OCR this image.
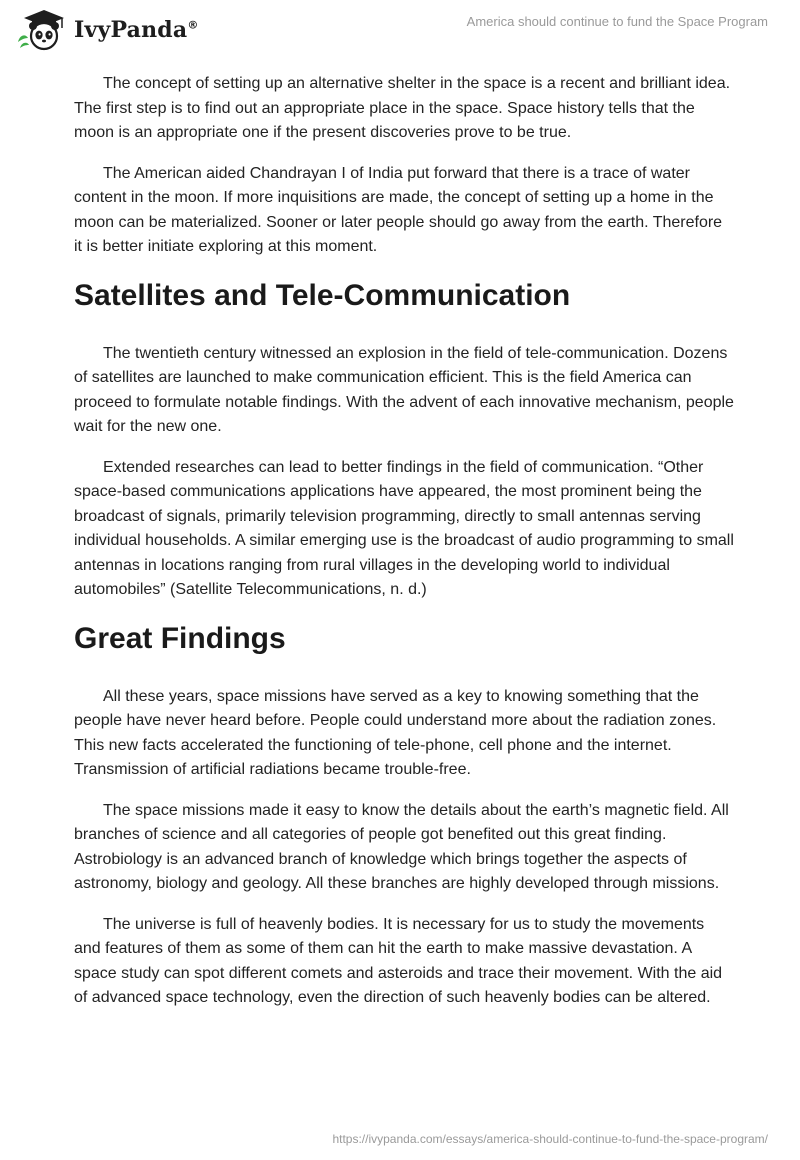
IvyPanda®	America should continue to fund the Space Program

The concept of setting up an alternative shelter in the space is a recent and brilliant idea. The first step is to find out an appropriate place in the space. Space history tells that the moon is an appropriate one if the present discoveries prove to be true.

The American aided Chandrayan I of India put forward that there is a trace of water content in the moon. If more inquisitions are made, the concept of setting up a home in the moon can be materialized. Sooner or later people should go away from the earth. Therefore it is better initiate exploring at this moment.

Satellites and Tele-Communication

The twentieth century witnessed an explosion in the field of tele-communication. Dozens of satellites are launched to make communication efficient. This is the field America can proceed to formulate notable findings. With the advent of each innovative mechanism, people wait for the new one.

Extended researches can lead to better findings in the field of communication. “Other space-based communications applications have appeared, the most prominent being the broadcast of signals, primarily television programming, directly to small antennas serving individual households. A similar emerging use is the broadcast of audio programming to small antennas in locations ranging from rural villages in the developing world to individual automobiles” (Satellite Telecommunications, n. d.)

Great Findings

All these years, space missions have served as a key to knowing something that the people have never heard before. People could understand more about the radiation zones. This new facts accelerated the functioning of tele-phone, cell phone and the internet. Transmission of artificial radiations became trouble-free.

The space missions made it easy to know the details about the earth’s magnetic field. All branches of science and all categories of people got benefited out this great finding. Astrobiology is an advanced branch of knowledge which brings together the aspects of astronomy, biology and geology. All these branches are highly developed through missions.

The universe is full of heavenly bodies. It is necessary for us to study the movements and features of them as some of them can hit the earth to make massive devastation. A space study can spot different comets and asteroids and trace their movement. With the aid of advanced space technology, even the direction of such heavenly bodies can be altered.

https://ivypanda.com/essays/america-should-continue-to-fund-the-space-program/
